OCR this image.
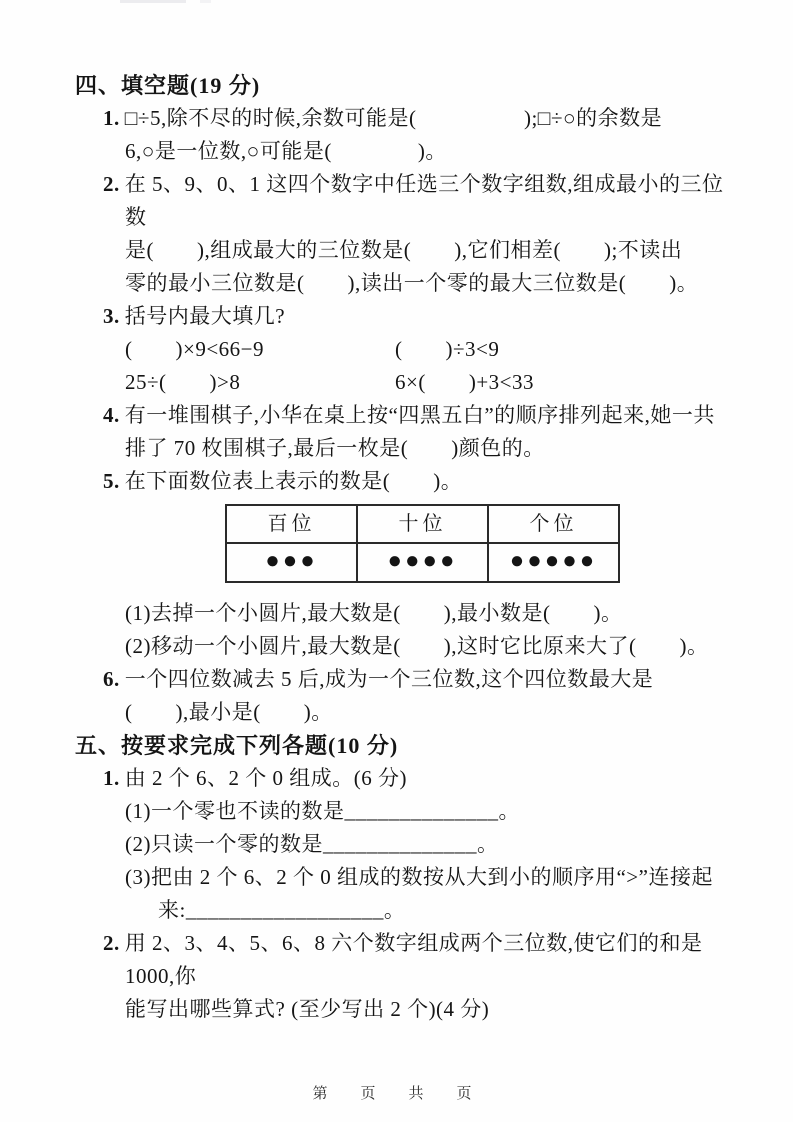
四、填空题(19 分)
1. □÷5,除不尽的时候,余数可能是(　　　　　);□÷○的余数是
6,○是一位数,○可能是(　　　　)。
2. 在 5、9、0、1 这四个数字中任选三个数字组数,组成最小的三位数
是(　　),组成最大的三位数是(　　),它们相差(　　);不读出
零的最小三位数是(　　),读出一个零的最大三位数是(　　)。
3. 括号内最大填几?
(　　)×9<66−9	(　　)÷3<9
25÷(　　)>8	6×(　　)+3<33
4. 有一堆围棋子,小华在桌上按“四黑五白”的顺序排列起来,她一共
排了 70 枚围棋子,最后一枚是(　　)颜色的。
5. 在下面数位表上表示的数是(　　)。
百位	十位	个位
●●●	●●●●	●●●●●
(1)去掉一个小圆片,最大数是(　　),最小数是(　　)。
(2)移动一个小圆片,最大数是(　　),这时它比原来大了(　　)。
6. 一个四位数减去 5 后,成为一个三位数,这个四位数最大是
(　　),最小是(　　)。
五、按要求完成下列各题(10 分)
1. 由 2 个 6、2 个 0 组成。(6 分)
(1)一个零也不读的数是______________。
(2)只读一个零的数是______________。
(3)把由 2 个 6、2 个 0 组成的数按从大到小的顺序用“>”连接起
来:__________________。
2. 用 2、3、4、5、6、8 六个数字组成两个三位数,使它们的和是 1000,你
能写出哪些算式? (至少写出 2 个)(4 分)
第　页　共　页
